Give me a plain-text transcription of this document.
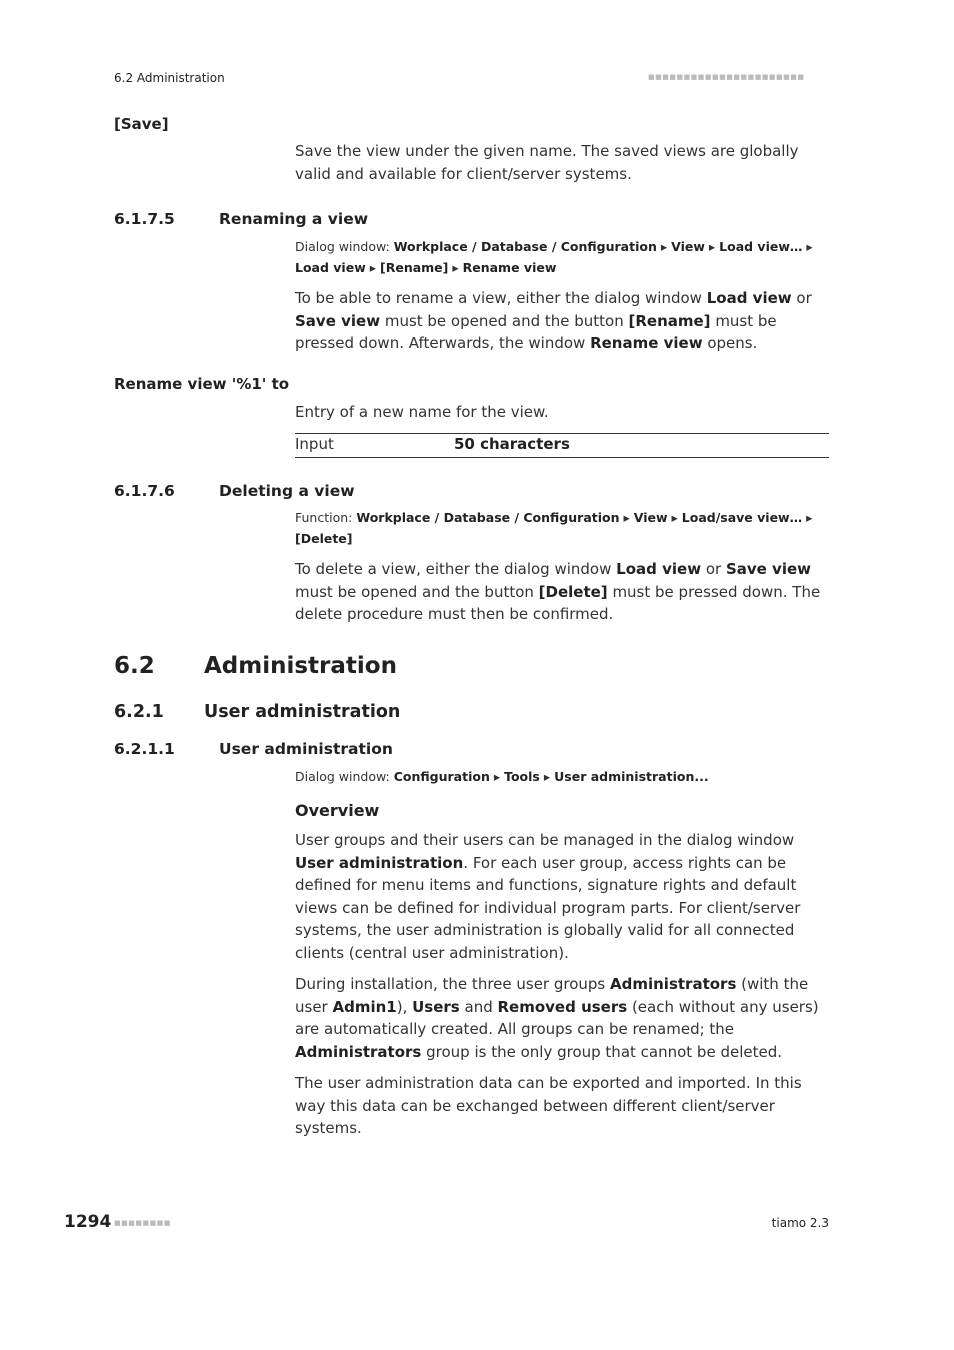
6.2 Administration	■■■■■■■■■■■■■■■■■■■■■■
[Save]
Save the view under the given name. The saved views are globally valid and available for client/server systems.
6.1.7.5	Renaming a view
Dialog window: Workplace / Database / Configuration ▸ View ▸ Load view… ▸ Load view ▸ [Rename] ▸ Rename view
To be able to rename a view, either the dialog window Load view or Save view must be opened and the button [Rename] must be pressed down. Afterwards, the window Rename view opens.
Rename view '%1' to
Entry of a new name for the view.
Input	50 characters
6.1.7.6	Deleting a view
Function: Workplace / Database / Configuration ▸ View ▸ Load/save view… ▸ [Delete]
To delete a view, either the dialog window Load view or Save view must be opened and the button [Delete] must be pressed down. The delete procedure must then be confirmed.
6.2 Administration
6.2.1 User administration
6.2.1.1	User administration
Dialog window: Configuration ▸ Tools ▸ User administration...
Overview
User groups and their users can be managed in the dialog window User administration. For each user group, access rights can be defined for menu items and functions, signature rights and default views can be defined for individual program parts. For client/server systems, the user administration is globally valid for all connected clients (central user administration).
During installation, the three user groups Administrators (with the user Admin1), Users and Removed users (each without any users) are automatically created. All groups can be renamed; the Administrators group is the only group that cannot be deleted.
The user administration data can be exported and imported. In this way this data can be exchanged between different client/server systems.
1294 ■■■■■■■■	tiamo 2.3
